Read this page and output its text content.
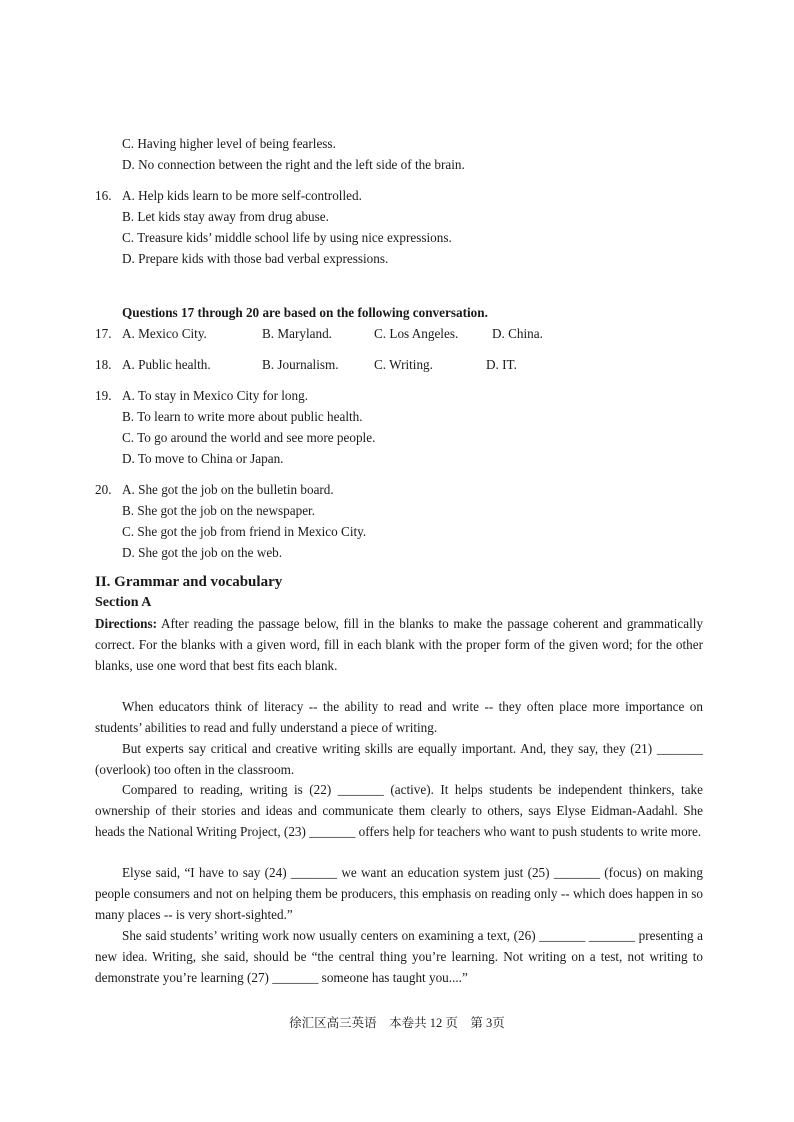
C. Having higher level of being fearless.
D. No connection between the right and the left side of the brain.
16. A. Help kids learn to be more self-controlled.
B. Let kids stay away from drug abuse.
C. Treasure kids’ middle school life by using nice expressions.
D. Prepare kids with those bad verbal expressions.
Questions 17 through 20 are based on the following conversation.
17. A. Mexico City.	B. Maryland.	C. Los Angeles.	D. China.
18. A. Public health.	B. Journalism.	C. Writing.	D. IT.
19. A. To stay in Mexico City for long.
B. To learn to write more about public health.
C. To go around the world and see more people.
D. To move to China or Japan.
20. A. She got the job on the bulletin board.
B. She got the job on the newspaper.
C. She got the job from friend in Mexico City.
D. She got the job on the web.
II. Grammar and vocabulary
Section A
Directions: After reading the passage below, fill in the blanks to make the passage coherent and grammatically correct. For the blanks with a given word, fill in each blank with the proper form of the given word; for the other blanks, use one word that best fits each blank.
When educators think of literacy -- the ability to read and write -- they often place more importance on students’ abilities to read and fully understand a piece of writing.
But experts say critical and creative writing skills are equally important. And, they say, they (21) _______ (overlook) too often in the classroom.
Compared to reading, writing is (22) _______ (active). It helps students be independent thinkers, take ownership of their stories and ideas and communicate them clearly to others, says Elyse Eidman-Aadahl. She heads the National Writing Project, (23) _______ offers help for teachers who want to push students to write more.
Elyse said, “I have to say (24) _______ we want an education system just (25) _______ (focus) on making people consumers and not on helping them be producers, this emphasis on reading only -- which does happen in so many places -- is very short-sighted.”
She said students’ writing work now usually centers on examining a text, (26) _______ _______ presenting a new idea. Writing, she said, should be “the central thing you’re learning. Not writing on a test, not writing to demonstrate you’re learning (27) _______ someone has taught you....”
徐汇区高三英语　本卷共 12 页　第 3页
